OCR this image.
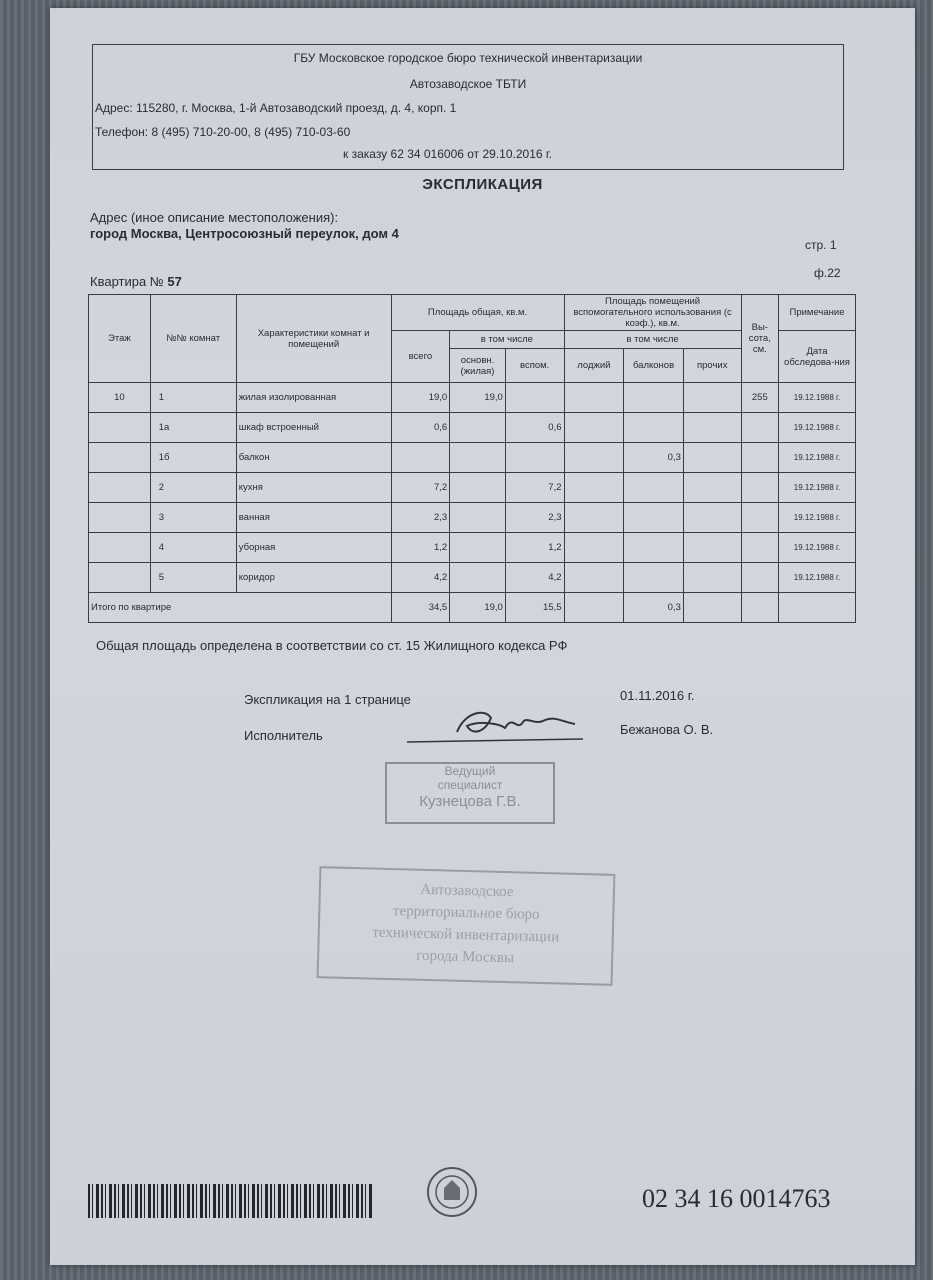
ГБУ Московское городское бюро технической инвентаризации
Автозаводское ТБТИ
Адрес: 115280, г. Москва, 1-й Автозаводский проезд, д. 4, корп. 1
Телефон: 8 (495) 710-20-00, 8 (495) 710-03-60
к заказу 62 34 016006 от 29.10.2016 г.
ЭКСПЛИКАЦИЯ
Адрес (иное описание местоположения):
город Москва, Центросоюзный переулок, дом 4
стр. 1
Квартира № 57
ф.22
Этаж	№№ комнат	Характеристики комнат и помещений	Площадь общая, кв.м.			Площадь помещений вспомогательного использования (с коэф.), кв.м.			Вы-сота, см.	Примечание
			всего	в том числе		в том числе				Дата обследова-ния
				основн. (жилая)	вспом.	лоджий	балконов	прочих		
10	1	жилая изолированная	19,0	19,0					255	19.12.1988 г.
	1а	шкаф встроенный	0,6		0,6					19.12.1988 г.
	1б	балкон					0,3			19.12.1988 г.
	2	кухня	7,2		7,2					19.12.1988 г.
	3	ванная	2,3		2,3					19.12.1988 г.
	4	уборная	1,2		1,2					19.12.1988 г.
	5	коридор	4,2		4,2					19.12.1988 г.
Итого по квартире			34,5	19,0	15,5		0,3			
Общая площадь определена в соответствии со ст. 15 Жилищного кодекса РФ
Экспликация на 1 странице	01.11.2016 г.
Исполнитель	Бежанова О. В.
Ведущий
специалист
Кузнецова Г.В.
Автозаводское
территориальное бюро
технической инвентаризации
города Москвы
02 34 16 0014763
